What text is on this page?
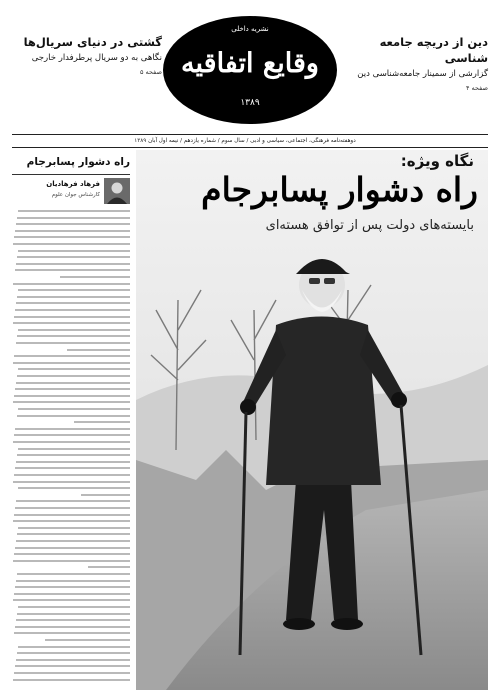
نشریه داخلی
وقایع اتفاقیه
۱۳۸۹
دین از دریچه جامعه شناسی
گزارشی از سمینار جامعه‌شناسی دین
صفحه ۴
گشتی در دنیای سریال‌ها
نگاهی به دو سریال پرطرفدار خارجی
صفحه ۵
دوهفته‌نامه فرهنگی، اجتماعی، سیاسی و ادبی / سال سوم / شماره یازدهم / نیمه اول آبان ۱۳۸۹
راه دشوار پسابرجام
فرهاد فرهادیان
کارشناس جوان علوم
نگاه ویژه:
راه دشوار پسابرجام
بایسته‌های دولت پس از توافق هسته‌ای
